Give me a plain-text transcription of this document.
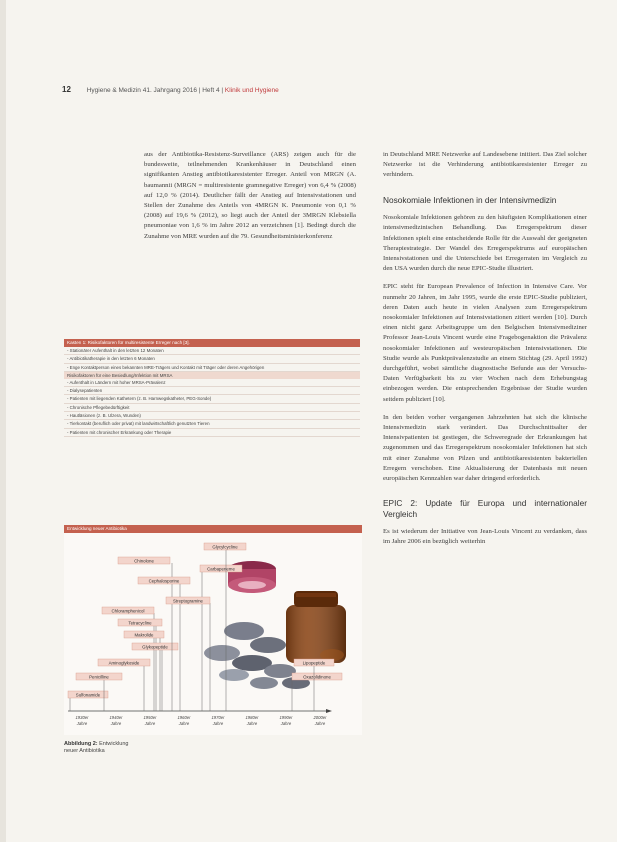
12 Hygiene & Medizin 41. Jahrgang 2016 | Heft 4 | Klinik und Hygiene

aus der Antibiotika-Resistenz-Surveillance (ARS) zeigen auch für die bundesweite, teilnehmenden Krankenhäuser in Deutschland einen signifikanten Anstieg antibiotikaresistenter Erreger. Anteil von MRGN (A. baumannii (MRGN = multiresistente gramnegative Erreger) von 6,4 % (2008) auf 12,0 % (2014). Deutlicher fällt der Anstieg auf Intensivstationen und Stellen der Zunahme des Anteils von 4MRGN K. Pneumonie von 0,1 % (2008) auf 19,6 % (2012), so liegt auch der Anteil der 3MRGN Klebsiella pneumoniae von 1,6 % im Jahre 2012 an verzeichnen [1]. Bedingt durch die Zunahme von MRE wurden auf die 79. Gesundheitsministerkonferenz

in Deutschland MRE Netzwerke auf Landesebene initiiert. Das Ziel solcher Netzwerke ist die Verhinderung antibiotikaresistenter Erreger zu verhindern.

Nosokomiale Infektionen in der Intensivmedizin

Nosokomiale Infektionen gehören zu den häufigsten Komplikationen einer intensivmedizinischen Behandlung. Das Erregerspektrum dieser Infektionen spielt eine entscheidende Rolle für die Auswahl der geeigneten Therapiestrategie. Der Wandel des Erregerspektrums auf europäischen Intensivstationen und die Unterschiede bei Erregerraten im Vergleich zu den USA wurden durch die neue EPIC-Studie illustriert.

EPIC steht für European Prevalence of Infection in Intensive Care. Vor nunmehr 20 Jahren, im Jahr 1995, wurde die erste EPIC-Studie publiziert, deren Daten auch heute in vielen Analysen zum Erregerspektrum nosokomialer Infektionen auf Intensivstationen zitiert werden [10]. Durch einen nicht ganz Arbeitsgruppe um den Belgischen Intensivmediziner Professor Jean-Louis Vincent wurde eine Fragebogenaktion die Prävalenz nosokomialer Infektionen auf westeuropäischen Intensivstationen. Die Studie wurde als Punktprävalenzstudie an einem Stichtag (29. April 1992) durchgeführt, wobei sämtliche diagnostische Befunde aus der Versuchs-Daten Verfügbarkeit bis zu vier Wochen nach dem Erhebungstag einbezogen werden. Die entsprechenden Ergebnisse der Studie wurden seitdem publiziert [10].

In den beiden vorher vergangenen Jahrzehnten hat sich die klinische Intensivmedizin stark verändert. Das Durchschnittsalter der Intensivpatienten ist gestiegen, die Schweregrade der Erkrankungen hat zugenommen und das Erregerspektrum nosokomialer Infektionen hat sich mit einer Zunahme von Pilzen und antibiotikaresistenten bakteriellen Erregern verschoben. Eine Aktualisierung der Datenbasis mit neuen europäischen Kennzahlen war daher dringend erforderlich.

EPIC 2: Update für Europa und internationaler Vergleich

Es ist wiederum der Initiative von Jean-Louis Vincent zu verdanken, dass im Jahre 2006 ein bezüglich weiterhin

Kasten 1: Risikofaktoren für multiresistente Erreger nach [3].
- Stationärer Aufenthalt in den letzten 12 Monaten
- Antibiotikatherapie in den letzten 6 Monaten
- Enge Kontaktperson eines bekannten MRE-Trägers und Kontakt mit Träger oder deren Angehörigen
Risikofaktoren für eine Besiedlung/Infektion mit MRSA
- Aufenthalt in Ländern mit hoher MRSA-Prävalenz
- Dialysepatienten
- Patienten mit liegenden Kathetern (z. B. Harnwegskatheter, PEG-Sonde)
- Chronische Pflegebedürftigkeit
- Hautläsionen (z. B. Ulzera, Wunden)
- Tierkontakt (beruflich oder privat) mit landwirtschaftlich genutzten Tieren
- Patienten mit chronischer Erkrankung oder Therapie
Entwicklung neuer Antibiotika
1930er
Jahre
1940er
Jahre
1950er
Jahre
1960er
Jahre
1970er
Jahre
1980er
Jahre
1990er
Jahre
2000er
Jahre
Sulfonamide
Penicilline
Aminoglykoside
Chloramphenicol
Tetracycline
Makrolide
Glykopeptide
Chinolone
Cephalosporine
Carbapeneme
Streptogramine
Oxazolidinone
Lipopeptide
Glycylcycline
Abbildung 2: Entwicklung neuer Antibiotika
